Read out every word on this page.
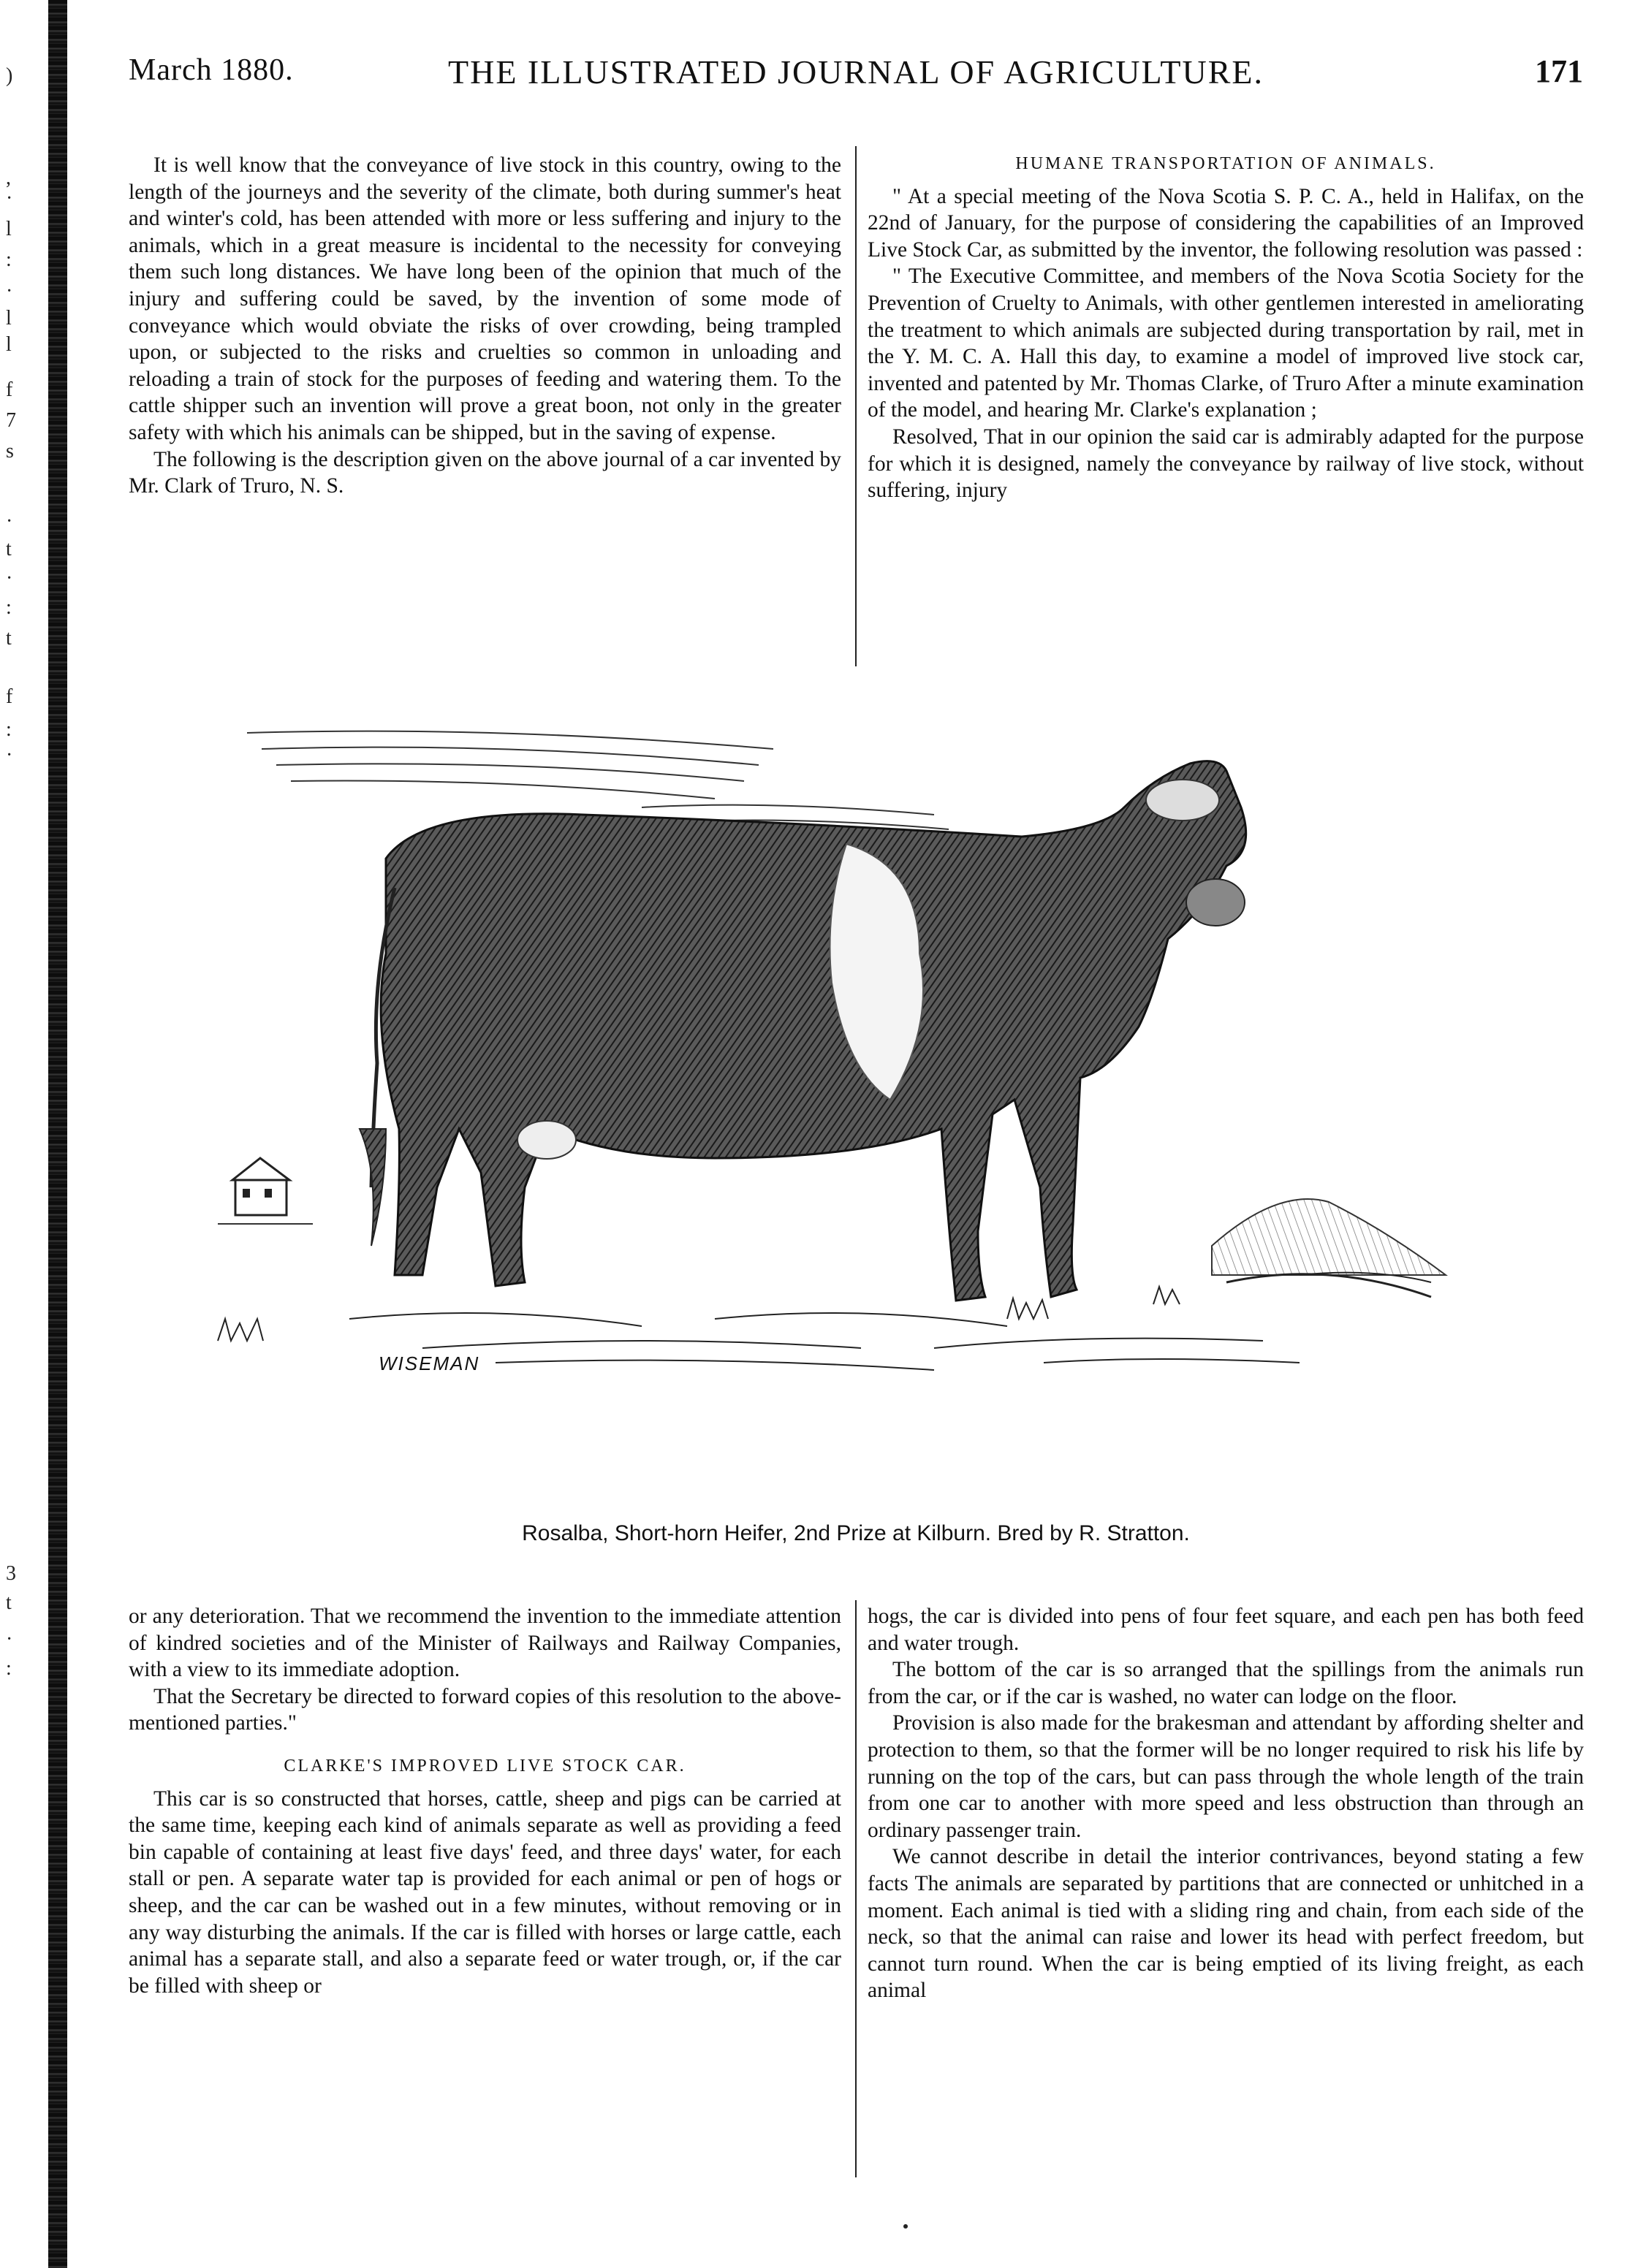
)
,
·
l
:
·
l
l
f
7
s
·
t
·
:
t
f
:
·
3
t
·
:
March 1880.	THE ILLUSTRATED JOURNAL OF AGRICULTURE.	171

It is well know that the conveyance of live stock in this country, owing to the length of the journeys and the severity of the climate, both during summer's heat and winter's cold, has been attended with more or less suffering and injury to the animals, which in a great measure is incidental to the necessity for conveying them such long distances. We have long been of the opinion that much of the injury and suffering could be saved, by the invention of some mode of conveyance which would obviate the risks of over crowding, being trampled upon, or subjected to the risks and cruelties so common in unloading and reloading a train of stock for the purposes of feeding and watering them. To the cattle shipper such an invention will prove a great boon, not only in the greater safety with which his animals can be shipped, but in the saving of expense.

The following is the description given on the above journal of a car invented by Mr. Clark of Truro, N. S.

HUMANE TRANSPORTATION OF ANIMALS.

" At a special meeting of the Nova Scotia S. P. C. A., held in Halifax, on the 22nd of January, for the purpose of considering the capabilities of an Improved Live Stock Car, as submitted by the inventor, the following resolution was passed :

" The Executive Committee, and members of the Nova Scotia Society for the Prevention of Cruelty to Animals, with other gentlemen interested in ameliorating the treatment to which animals are subjected during transportation by rail, met in the Y. M. C. A. Hall this day, to examine a model of improved live stock car, invented and patented by Mr. Thomas Clarke, of Truro After a minute examination of the model, and hearing Mr. Clarke's explanation ;

Resolved, That in our opinion the said car is admirably adapted for the purpose for which it is designed, namely the conveyance by railway of live stock, without suffering, injury

WISEMAN
Rosalba, Short-horn Heifer, 2nd Prize at Kilburn. Bred by R. Stratton.

or any deterioration. That we recommend the invention to the immediate attention of kindred societies and of the Minister of Railways and Railway Companies, with a view to its immediate adoption.

That the Secretary be directed to forward copies of this resolution to the above-mentioned parties."

CLARKE'S IMPROVED LIVE STOCK CAR.

This car is so constructed that horses, cattle, sheep and pigs can be carried at the same time, keeping each kind of animals separate as well as providing a feed bin capable of containing at least five days' feed, and three days' water, for each stall or pen. A separate water tap is provided for each animal or pen of hogs or sheep, and the car can be washed out in a few minutes, without removing or in any way disturbing the animals. If the car is filled with horses or large cattle, each animal has a separate stall, and also a separate feed or water trough, or, if the car be filled with sheep or

hogs, the car is divided into pens of four feet square, and each pen has both feed and water trough.

The bottom of the car is so arranged that the spillings from the animals run from the car, or if the car is washed, no water can lodge on the floor.

Provision is also made for the brakesman and attendant by affording shelter and protection to them, so that the former will be no longer required to risk his life by running on the top of the cars, but can pass through the whole length of the train from one car to another with more speed and less obstruction than through an ordinary passenger train.

We cannot describe in detail the interior contrivances, beyond stating a few facts The animals are separated by partitions that are connected or unhitched in a moment. Each animal is tied with a sliding ring and chain, from each side of the neck, so that the animal can raise and lower its head with perfect freedom, but cannot turn round. When the car is being emptied of its living freight, as each animal
